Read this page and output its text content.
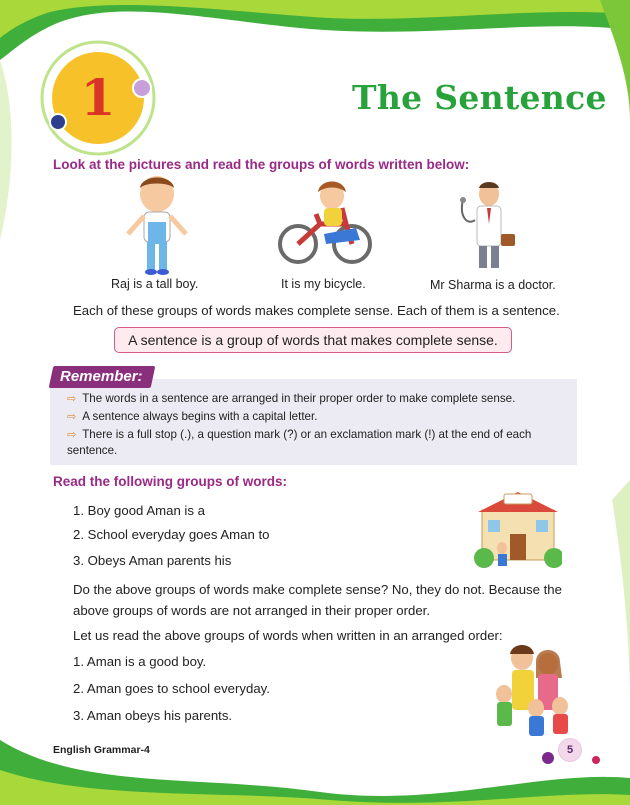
1	The Sentence
Look at the pictures and read the groups of words written below:
Raj is a tall boy.	It is my bicycle.	Mr Sharma is a doctor.
Each of these groups of words makes complete sense. Each of them is a sentence.
A sentence is a group of words that makes complete sense.
Remember:
⇨ The words in a sentence are arranged in their proper order to make complete sense.
⇨ A sentence always begins with a capital letter.
⇨ There is a full stop (.), a question mark (?) or an exclamation mark (!) at the end of each sentence.
Read the following groups of words:
1. Boy good Aman is a
2. School everyday goes Aman to
3. Obeys Aman parents his
Do the above groups of words make complete sense? No, they do not. Because the above groups of words are not arranged in their proper order.
Let us read the above groups of words when written in an arranged order:
1. Aman is a good boy.
2. Aman goes to school everyday.
3. Aman obeys his parents.
English Grammar-4	5
